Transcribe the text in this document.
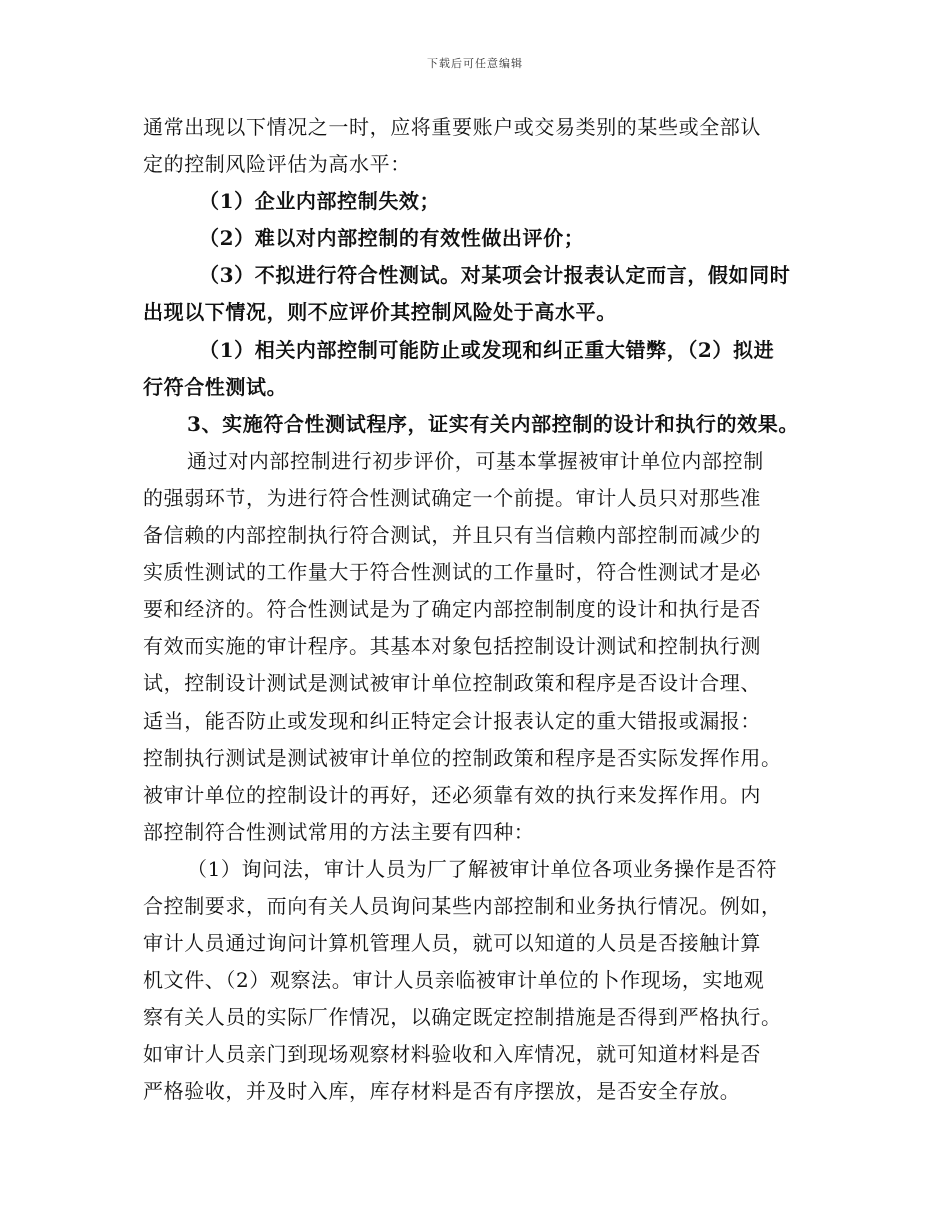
下载后可任意编辑
通常出现以下情况之一时，应将重要账户或交易类别的某些或全部认
定的控制风险评估为高水平：
（1）企业内部控制失效；
（2）难以对内部控制的有效性做出评价；
（3）不拟进行符合性测试。对某项会计报表认定而言，假如同时
出现以下情况，则不应评价其控制风险处于高水平。
（1）相关内部控制可能防止或发现和纠正重大错弊，（2）拟进
行符合性测试。
3、实施符合性测试程序，证实有关内部控制的设计和执行的效果。
通过对内部控制进行初步评价，可基本掌握被审计单位内部控制
的强弱环节，为进行符合性测试确定一个前提。审计人员只对那些准
备信赖的内部控制执行符合测试，并且只有当信赖内部控制而减少的
实质性测试的工作量大于符合性测试的工作量时，符合性测试才是必
要和经济的。符合性测试是为了确定内部控制制度的设计和执行是否
有效而实施的审计程序。其基本对象包括控制设计测试和控制执行测
试，控制设计测试是测试被审计单位控制政策和程序是否设计合理、
适当，能否防止或发现和纠正特定会计报表认定的重大错报或漏报：
控制执行测试是测试被审计单位的控制政策和程序是否实际发挥作用。
被审计单位的控制设计的再好，还必须靠有效的执行来发挥作用。内
部控制符合性测试常用的方法主要有四种：
（1）询问法，审计人员为厂了解被审计单位各项业务操作是否符
合控制要求，而向有关人员询问某些内部控制和业务执行情况。例如，
审计人员通过询问计算机管理人员，就可以知道的人员是否接触计算
机文件、（2）观察法。审计人员亲临被审计单位的卜作现场，实地观
察有关人员的实际厂作情况，以确定既定控制措施是否得到严格执行。
如审计人员亲门到现场观察材料验收和入库情况，就可知道材料是否
严格验收，并及时入库，库存材料是否有序摆放，是否安全存放。
